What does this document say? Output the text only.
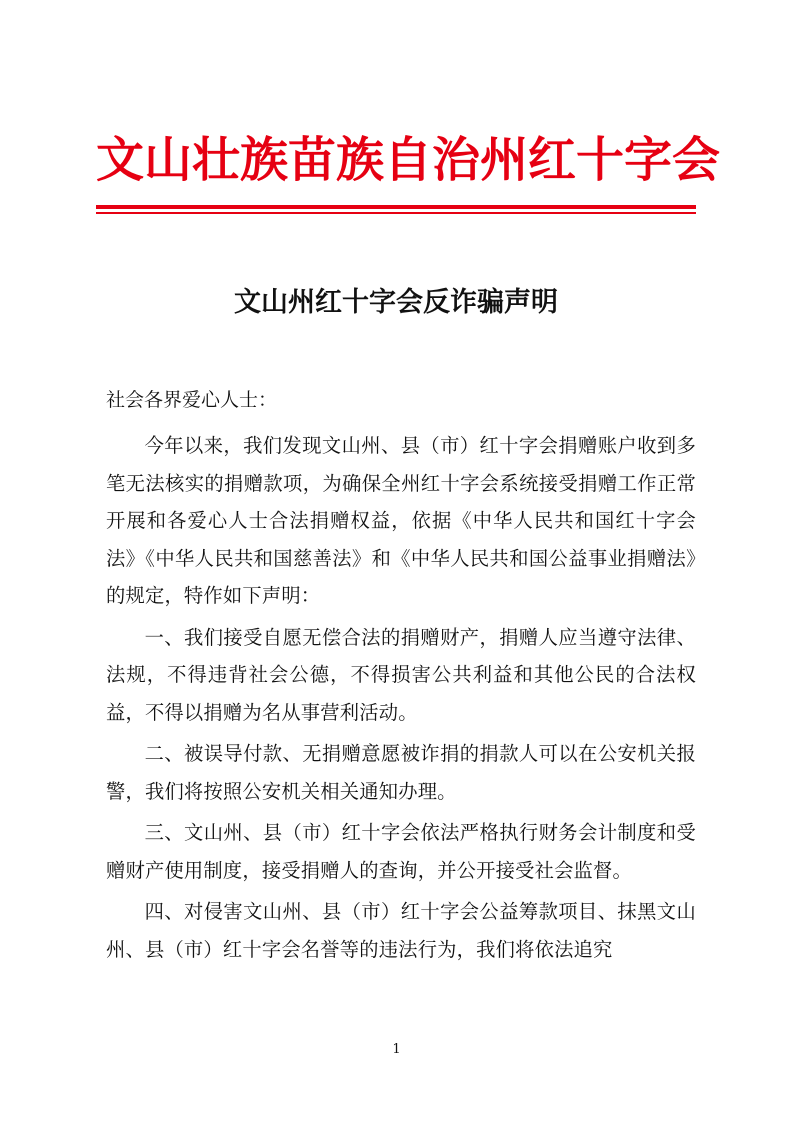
文山壮族苗族自治州红十字会
文山州红十字会反诈骗声明
社会各界爱心人士：

今年以来，我们发现文山州、县（市）红十字会捐赠账户收到多笔无法核实的捐赠款项，为确保全州红十字会系统接受捐赠工作正常开展和各爱心人士合法捐赠权益，依据《中华人民共和国红十字会法》《中华人民共和国慈善法》和《中华人民共和国公益事业捐赠法》的规定，特作如下声明：

一、我们接受自愿无偿合法的捐赠财产，捐赠人应当遵守法律、法规，不得违背社会公德，不得损害公共利益和其他公民的合法权益，不得以捐赠为名从事营利活动。

二、被误导付款、无捐赠意愿被诈捐的捐款人可以在公安机关报警，我们将按照公安机关相关通知办理。

三、文山州、县（市）红十字会依法严格执行财务会计制度和受赠财产使用制度，接受捐赠人的查询，并公开接受社会监督。

四、对侵害文山州、县（市）红十字会公益筹款项目、抹黑文山州、县（市）红十字会名誉等的违法行为，我们将依法追究

1
